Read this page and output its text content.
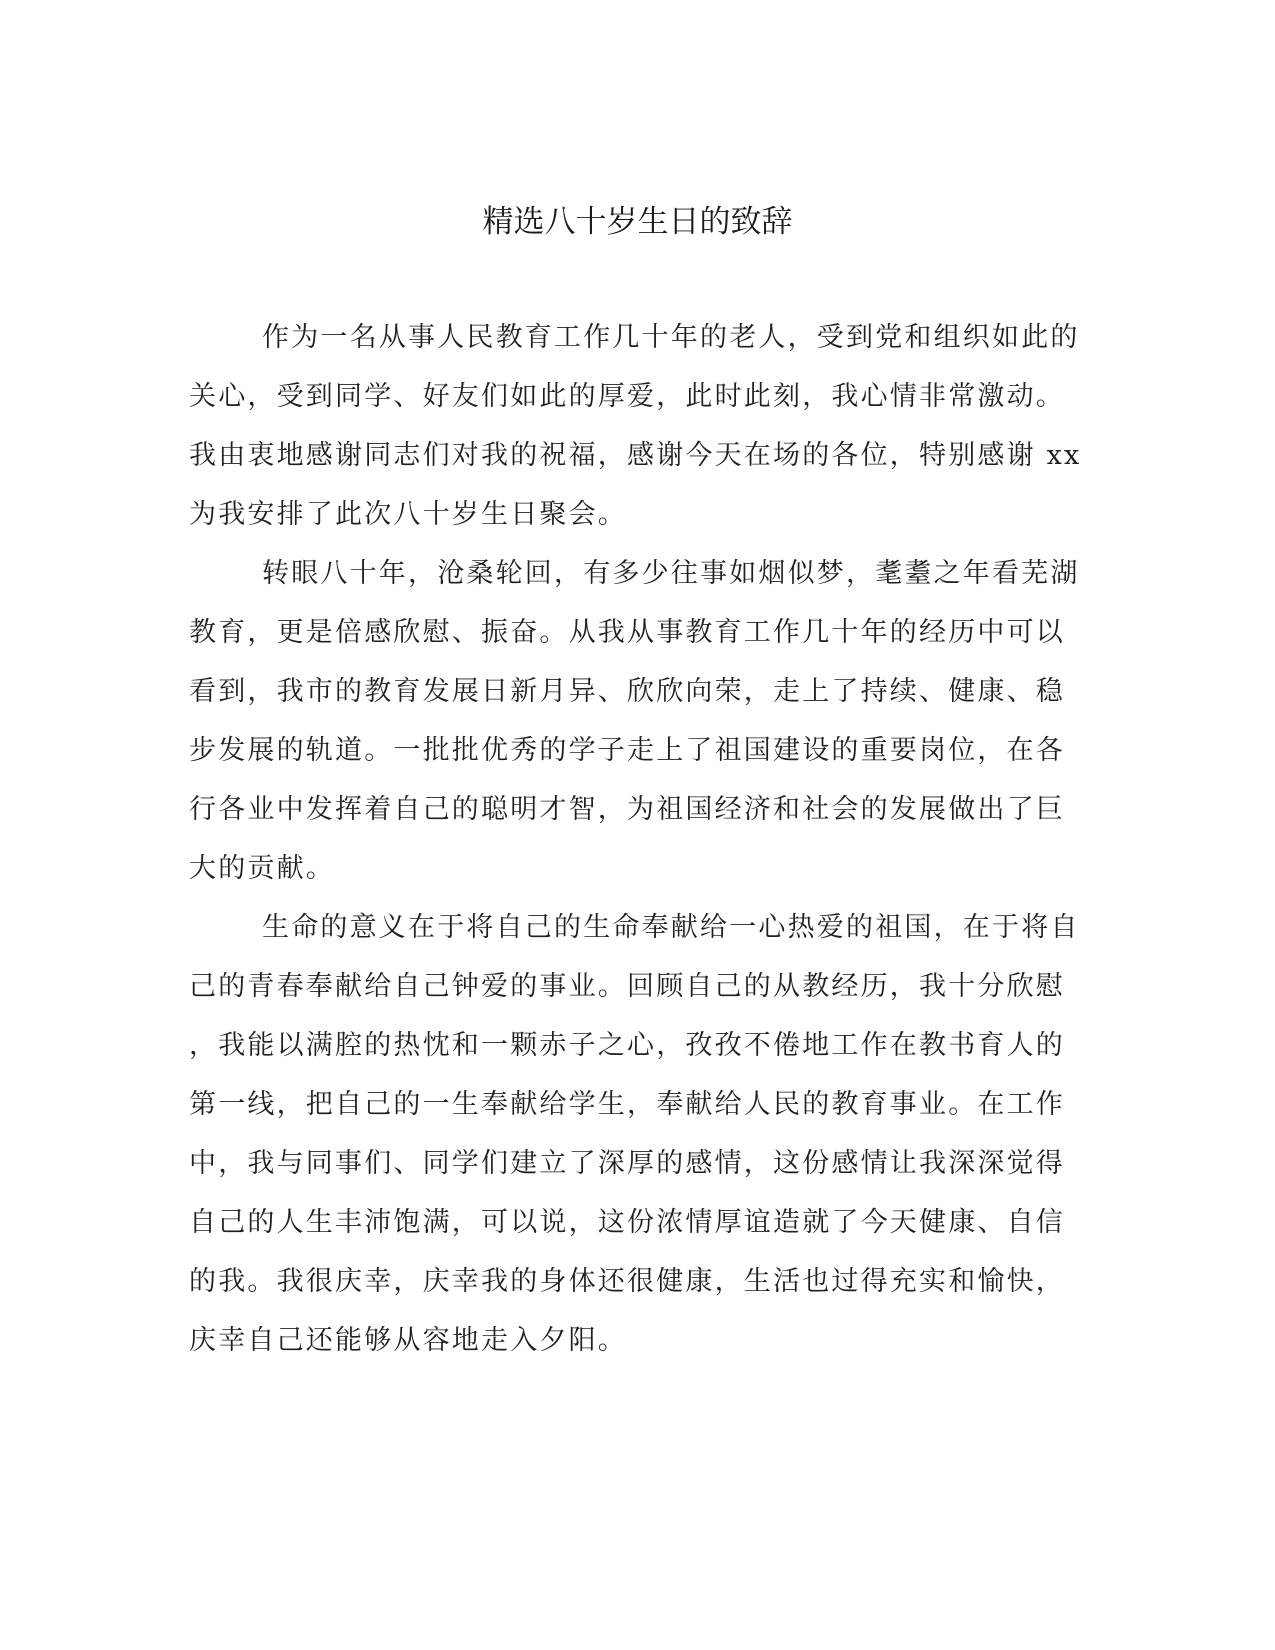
精选八十岁生日的致辞
作为一名从事人民教育工作几十年的老人，受到党和组织如此的
关心，受到同学、好友们如此的厚爱，此时此刻，我心情非常激动。
我由衷地感谢同志们对我的祝福，感谢今天在场的各位，特别感谢 xx
为我安排了此次八十岁生日聚会。
转眼八十年，沧桑轮回，有多少往事如烟似梦，耄耋之年看芜湖
教育，更是倍感欣慰、振奋。从我从事教育工作几十年的经历中可以
看到，我市的教育发展日新月异、欣欣向荣，走上了持续、健康、稳
步发展的轨道。一批批优秀的学子走上了祖国建设的重要岗位，在各
行各业中发挥着自己的聪明才智，为祖国经济和社会的发展做出了巨
大的贡献。
生命的意义在于将自己的生命奉献给一心热爱的祖国，在于将自
己的青春奉献给自己钟爱的事业。回顾自己的从教经历，我十分欣慰
，我能以满腔的热忱和一颗赤子之心，孜孜不倦地工作在教书育人的
第一线，把自己的一生奉献给学生，奉献给人民的教育事业。在工作
中，我与同事们、同学们建立了深厚的感情，这份感情让我深深觉得
自己的人生丰沛饱满，可以说，这份浓情厚谊造就了今天健康、自信
的我。我很庆幸，庆幸我的身体还很健康，生活也过得充实和愉快，
庆幸自己还能够从容地走入夕阳。
